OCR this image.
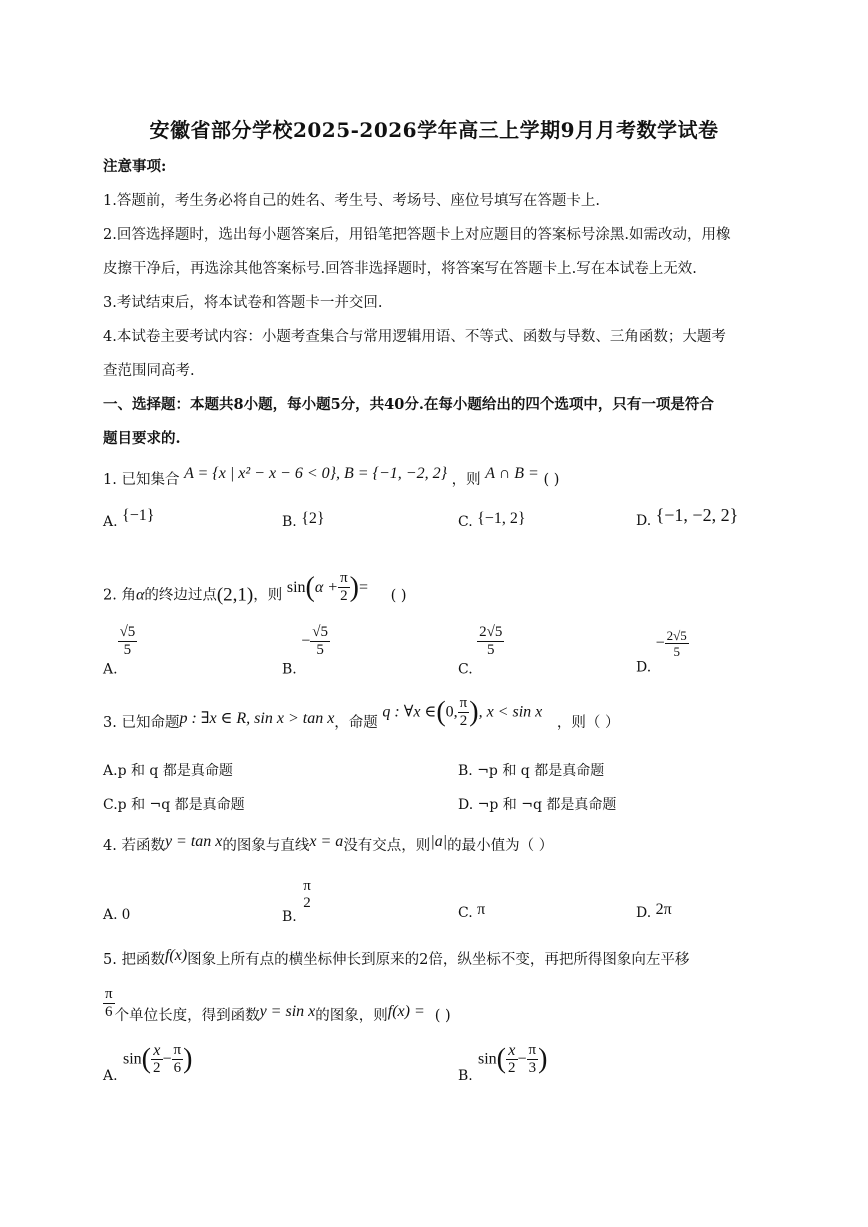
安徽省部分学校2025-2026学年高三上学期9月月考数学试卷
注意事项:
1.答题前，考生务必将自己的姓名、考生号、考场号、座位号填写在答题卡上.
2.回答选择题时，选出每小题答案后，用铅笔把答题卡上对应题目的答案标号涂黑.如需改动，用橡
皮擦干净后，再选涂其他答案标号.回答非选择题时，将答案写在答题卡上.写在本试卷上无效.
3.考试结束后，将本试卷和答题卡一并交回.
4.本试卷主要考试内容：小题考查集合与常用逻辑用语、不等式、函数与导数、三角函数；大题考
查范围同高考.
一、选择题：本题共8小题，每小题5分，共40分.在每小题给出的四个选项中，只有一项是符合
题目要求的.
1. 已知集合 A = {x | x² − x − 6 < 0}, B = {−1, −2, 2} ，则 A ∩ B = ( )
A. {−1}	B. {2}	C. {−1, 2}	D. {−1, −2, 2}
2. 角α的终边过点(2,1)，则 $\sin(\alpha + \frac{\pi}{2}$ )= ( )
A.
$\frac{√5}{5}$
B. − $\frac{√5}{5}$
C.
$\frac{2√5}{5}$
D. − $\frac{2√5}{5}$
3. 已知命题p : ∃x ∈ R, sin x > tan x，命题 q : ∀x ∈(0, $\frac{\pi}{2}$ ), x < sin x ，则（ ）
A.p 和 q 都是真命题	B. ¬p 和 q 都是真命题
C.p 和 ¬q 都是真命题	D. ¬p 和 ¬q 都是真命题
4. 若函数y = tan x的图象与直线x = a没有交点，则|a|的最小值为（ ）
A. 0	B.
π
2
C. π	D. 2π
5. 把函数f(x)图象上所有点的横坐标伸长到原来的2倍，纵坐标不变，再把所得图象向左平移
$\frac{\pi}{6}$ 个单位长度，得到函数y = sin x的图象，则f(x) = ( )
A.
$\sin( \frac{x}{2} - \frac{\pi}{6}$ )
B.
$\sin( \frac{x}{2} - \frac{\pi}{3}$ )
